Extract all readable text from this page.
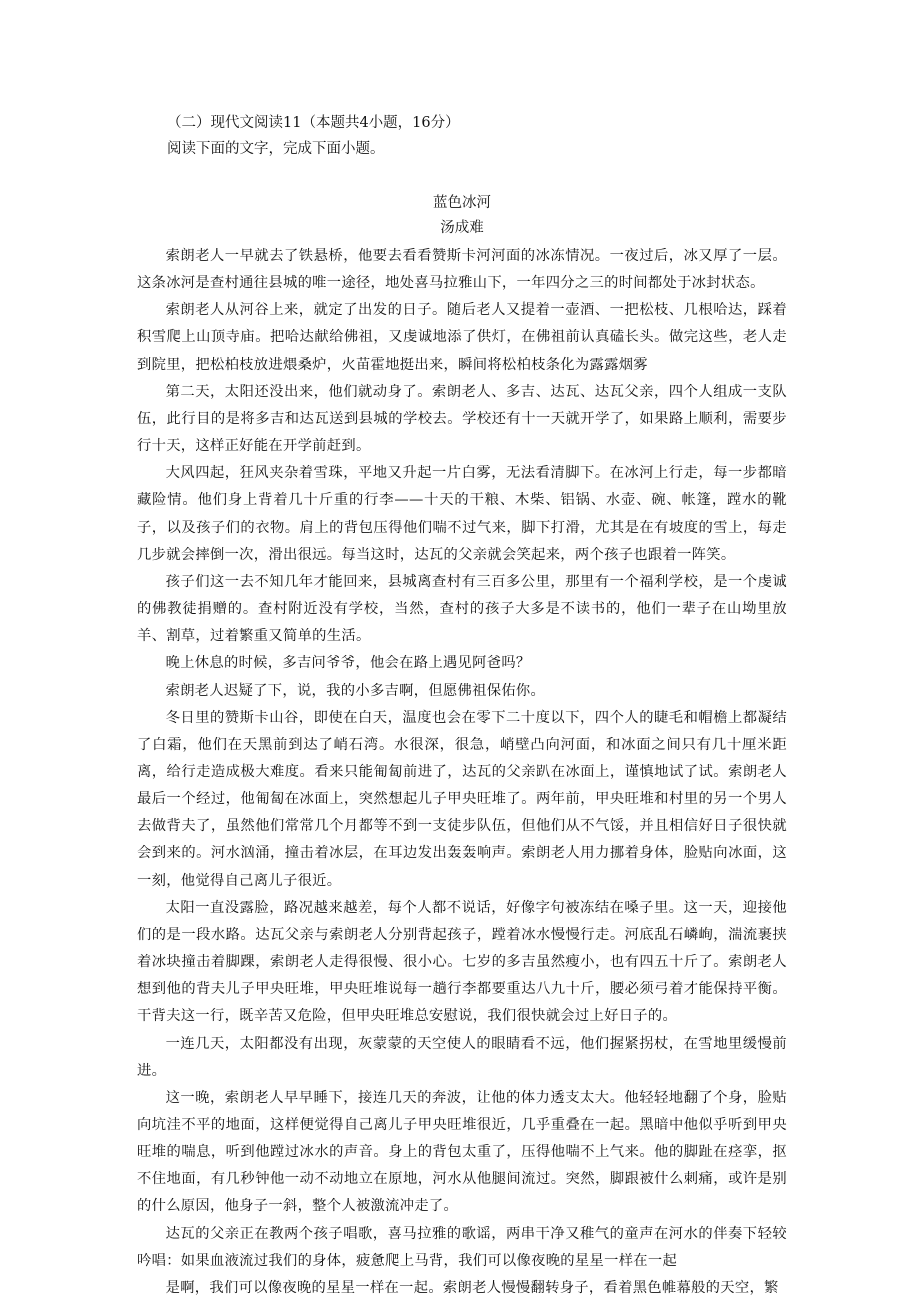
（二）现代文阅读11（本题共4小题，16分）

阅读下面的文字，完成下面小题。

蓝色冰河

汤成难

索朗老人一早就去了铁悬桥，他要去看看赞斯卡河河面的冰冻情况。一夜过后，冰又厚了一层。这条冰河是查村通往县城的唯一途径，地处喜马拉雅山下，一年四分之三的时间都处于冰封状态。

索朗老人从河谷上来，就定了出发的日子。随后老人又提着一壶酒、一把松枝、几根哈达，踩着积雪爬上山顶寺庙。把哈达献给佛祖，又虔诚地添了供灯，在佛祖前认真磕长头。做完这些，老人走到院里，把松柏枝放进煨桑炉，火苗霍地挺出来，瞬间将松柏枝条化为露露烟雾

第二天，太阳还没出来，他们就动身了。索朗老人、多吉、达瓦、达瓦父亲，四个人组成一支队伍，此行目的是将多吉和达瓦送到县城的学校去。学校还有十一天就开学了，如果路上顺利，需要步行十天，这样正好能在开学前赶到。

大风四起，狂风夹杂着雪珠，平地又升起一片白雾，无法看清脚下。在冰河上行走，每一步都暗藏险情。他们身上背着几十斤重的行李——十天的干粮、木柴、铝锅、水壶、碗、帐篷，蹚水的靴子，以及孩子们的衣物。肩上的背包压得他们喘不过气来，脚下打滑，尤其是在有坡度的雪上，每走几步就会摔倒一次，滑出很远。每当这时，达瓦的父亲就会笑起来，两个孩子也跟着一阵笑。

孩子们这一去不知几年才能回来，县城离查村有三百多公里，那里有一个福利学校，是一个虔诚的佛教徒捐赠的。查村附近没有学校，当然，查村的孩子大多是不读书的，他们一辈子在山坳里放羊、割草，过着繁重又简单的生活。

晚上休息的时候，多吉问爷爷，他会在路上遇见阿爸吗？

索朗老人迟疑了下，说，我的小多吉啊，但愿佛祖保佑你。

冬日里的赞斯卡山谷，即使在白天，温度也会在零下二十度以下，四个人的睫毛和帽檐上都凝结了白霜，他们在天黑前到达了峭石湾。水很深，很急，峭壁凸向河面，和冰面之间只有几十厘米距离，给行走造成极大难度。看来只能匍匐前进了，达瓦的父亲趴在冰面上，谨慎地试了试。索朗老人最后一个经过，他匍匐在冰面上，突然想起儿子甲央旺堆了。两年前，甲央旺堆和村里的另一个男人去做背夫了，虽然他们常常几个月都等不到一支徒步队伍，但他们从不气馁，并且相信好日子很快就会到来的。河水汹涌，撞击着冰层，在耳边发出轰轰响声。索朗老人用力挪着身体，脸贴向冰面，这一刻，他觉得自己离儿子很近。

太阳一直没露脸，路况越来越差，每个人都不说话，好像字句被冻结在嗓子里。这一天，迎接他们的是一段水路。达瓦父亲与索朗老人分别背起孩子，蹚着冰水慢慢行走。河底乱石嶙峋，湍流裹挟着冰块撞击着脚踝，索朗老人走得很慢、很小心。七岁的多吉虽然瘦小，也有四五十斤了。索朗老人想到他的背夫儿子甲央旺堆，甲央旺堆说每一趟行李都要重达八九十斤，腰必须弓着才能保持平衡。干背夫这一行，既辛苦又危险，但甲央旺堆总安慰说，我们很快就会过上好日子的。

一连几天，太阳都没有出现，灰蒙蒙的天空使人的眼睛看不远，他们握紧拐杖，在雪地里缓慢前进。

这一晚，索朗老人早早睡下，接连几天的奔波，让他的体力透支太大。他轻轻地翻了个身，脸贴向坑洼不平的地面，这样便觉得自己离儿子甲央旺堆很近，几乎重叠在一起。黑暗中他似乎听到甲央旺堆的喘息，听到他蹚过冰水的声音。身上的背包太重了，压得他喘不上气来。他的脚趾在痉挛，抠不住地面，有几秒钟他一动不动地立在原地，河水从他腿间流过。突然，脚跟被什么刺痛，或许是别的什么原因，他身子一斜，整个人被激流冲走了。

达瓦的父亲正在教两个孩子唱歌，喜马拉雅的歌谣，两串干净又稚气的童声在河水的伴奏下轻较吟唱：如果血液流过我们的身体，疲惫爬上马背，我们可以像夜晚的星星一样在一起

是啊，我们可以像夜晚的星星一样在一起。索朗老人慢慢翻转身子，看着黑色帷幕般的天空，繁
